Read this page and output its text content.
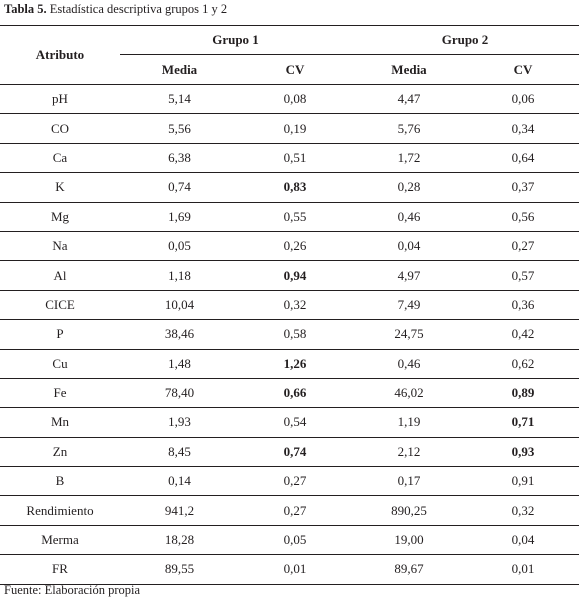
Tabla 5. Estadística descriptiva grupos 1 y 2
Atributo	Grupo 1		Grupo 2	
	Media	CV	Media	CV
pH	5,14	0,08	4,47	0,06
CO	5,56	0,19	5,76	0,34
Ca	6,38	0,51	1,72	0,64
K	0,74	0,83	0,28	0,37
Mg	1,69	0,55	0,46	0,56
Na	0,05	0,26	0,04	0,27
Al	1,18	0,94	4,97	0,57
CICE	10,04	0,32	7,49	0,36
P	38,46	0,58	24,75	0,42
Cu	1,48	1,26	0,46	0,62
Fe	78,40	0,66	46,02	0,89
Mn	1,93	0,54	1,19	0,71
Zn	8,45	0,74	2,12	0,93
B	0,14	0,27	0,17	0,91
Rendimiento	941,2	0,27	890,25	0,32
Merma	18,28	0,05	19,00	0,04
FR	89,55	0,01	89,67	0,01
Fuente: Elaboración propia
